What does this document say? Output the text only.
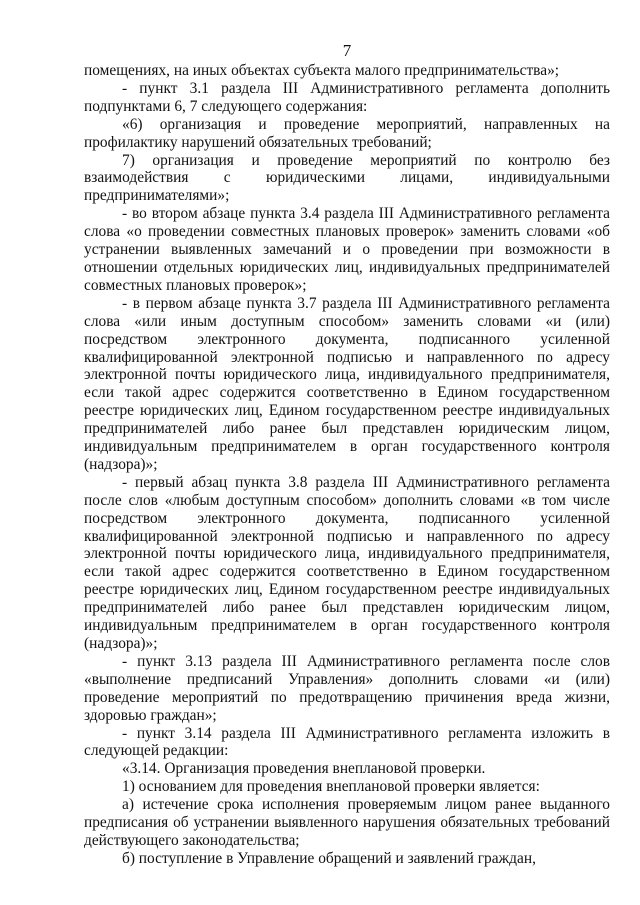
7

помещениях, на иных объектах субъекта малого предпринимательства»;

- пункт 3.1 раздела III Административного регламента дополнить подпунктами 6, 7 следующего содержания:

«6) организация и проведение мероприятий, направленных на профилактику нарушений обязательных требований;

7) организация и проведение мероприятий по контролю без взаимодействия с юридическими лицами, индивидуальными предпринимателями»;

- во втором абзаце пункта 3.4 раздела III Административного регламента слова «о проведении совместных плановых проверок» заменить словами «об устранении выявленных замечаний и о проведении при возможности в отношении отдельных юридических лиц, индивидуальных предпринимателей совместных плановых проверок»;

- в первом абзаце пункта 3.7 раздела III Административного регламента слова «или иным доступным способом» заменить словами «и (или) посредством электронного документа, подписанного усиленной квалифицированной электронной подписью и направленного по адресу электронной почты юридического лица, индивидуального предпринимателя, если такой адрес содержится соответственно в Едином государственном реестре юридических лиц, Едином государственном реестре индивидуальных предпринимателей либо ранее был представлен юридическим лицом, индивидуальным предпринимателем в орган государственного контроля (надзора)»;

- первый абзац пункта 3.8 раздела III Административного регламента после слов «любым доступным способом» дополнить словами «в том числе посредством электронного документа, подписанного усиленной квалифицированной электронной подписью и направленного по адресу электронной почты юридического лица, индивидуального предпринимателя, если такой адрес содержится соответственно в Едином государственном реестре юридических лиц, Едином государственном реестре индивидуальных предпринимателей либо ранее был представлен юридическим лицом, индивидуальным предпринимателем в орган государственного контроля (надзора)»;

- пункт 3.13 раздела III Административного регламента после слов «выполнение предписаний Управления» дополнить словами «и (или) проведение мероприятий по предотвращению причинения вреда жизни, здоровью граждан»;

- пункт 3.14 раздела III Административного регламента изложить в следующей редакции:

«3.14. Организация проведения внеплановой проверки.

1) основанием для проведения внеплановой проверки является:

а) истечение срока исполнения проверяемым лицом ранее выданного предписания об устранении выявленного нарушения обязательных требований действующего законодательства;

б) поступление в Управление обращений и заявлений граждан,
